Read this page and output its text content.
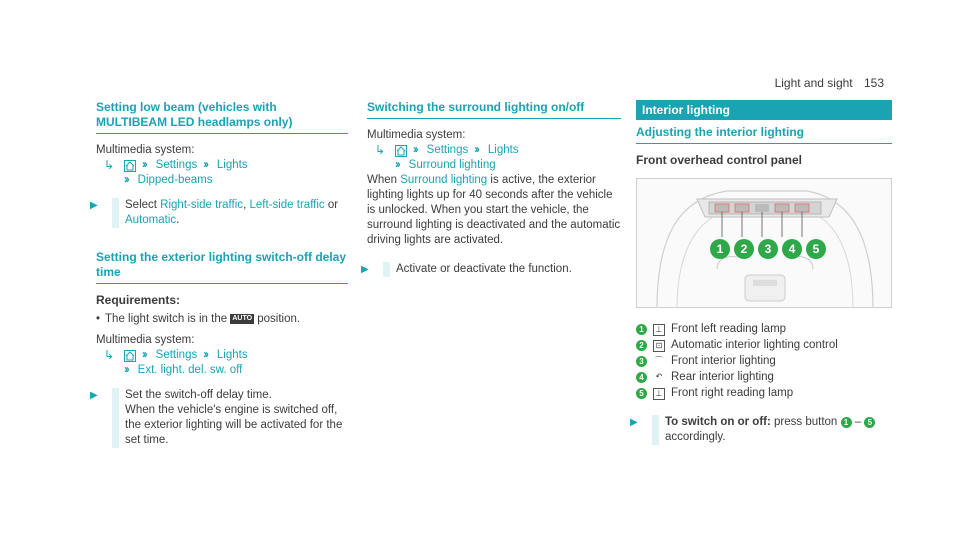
Light and sight 153
Setting low beam (vehicles with MULTIBEAM LED headlamps only)

Multimedia system:

↳	›› Settings ›› Lights
›› Dipped-beams
▶	Select Right-side traffic, Left-side traffic or
Automatic.
Setting the exterior lighting switch-off delay time
Requirements:
• The light switch is in the AUTO position.

Multimedia system:

↳	›› Settings ›› Lights
›› Ext. light. del. sw. off
▶ Set the switch-off delay time.

When the vehicle's engine is switched off, the exterior lighting will be activated for the set time.

Switching the surround lighting on/off

Multimedia system:

↳	›› Settings ›› Lights
›› Surround lighting

When Surround lighting is active, the exterior lighting lights up for 40 seconds after the vehicle is unlocked. When you start the vehicle, the surround lighting is deactivated and the automatic driving lights are activated.

▶ Activate or deactivate the function.

Interior lighting
Adjusting the interior lighting
Front overhead control panel
1	2	3	4	5
1	⊥ Front left reading lamp
2	⊡ Automatic interior lighting control
3	⌒ Front interior lighting
4	↶ Rear interior lighting
5	⊥ Front right reading lamp
▶	To switch on or off: press button 1 – 5
accordingly.
